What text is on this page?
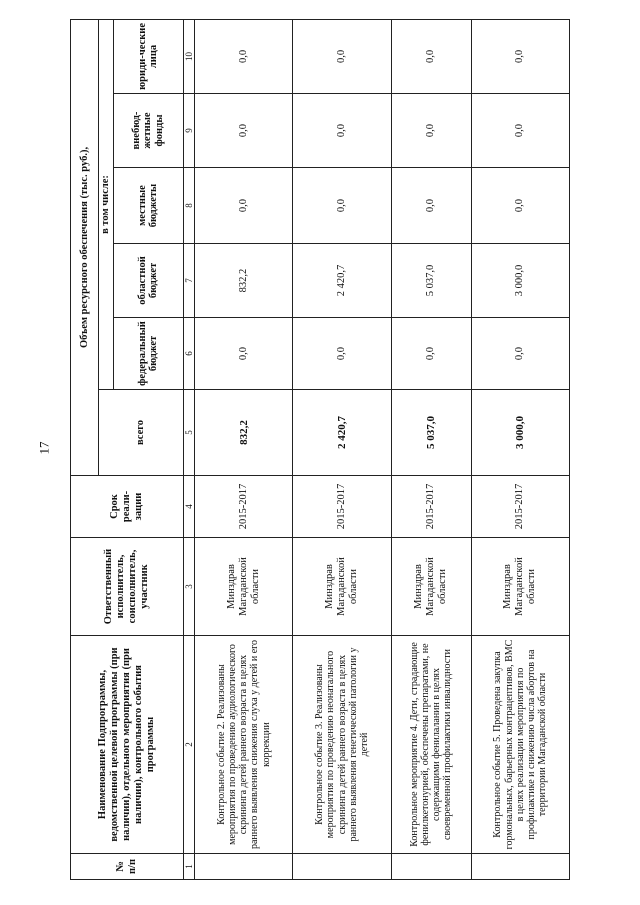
17
№ п/п	Наименование Подпрограммы, ведомственной целевой программы (при наличии), отдельного мероприятия (при наличии), контрольного события программы	Ответственный исполнитель, соисполнитель, участник	Срок реали-зации	Объем ресурсного обеспечения (тыс. руб.),					
				всего	в том числе:				
					федеральный бюджет	областной бюджет	местные бюджеты	внебюд-жетные фонды	юриди-ческие лица
1	2	3	4	5	6	7	8	9	10
	Контрольное событие 2. Реализованы мероприятия по проведению аудиологического скрининга детей раннего возраста в целях раннего выявления снижения слуха у детей и его коррекции	Минздрав Магаданской области	2015-2017	832,2	0,0	832,2	0,0	0,0	0,0
	Контрольное событие 3. Реализованы мероприятия по проведению неонатального скрининга детей раннего возраста в целях раннего выявления генетической патологии у детей	Минздрав Магаданской области	2015-2017	2 420,7	0,0	2 420,7	0,0	0,0	0,0
	Контрольное мероприятие 4. Дети, страдающие фенилкетонурией, обеспечены препаратами, не содержащими фенилаланин в целях своевременной профилактики инвалидности	Минздрав Магаданской области	2015-2017	5 037,0	0,0	5 037,0	0,0	0,0	0,0
	Контрольное событие 5. Проведена закупка гормональных, барьерных контрацептивов, ВМС в целях реализации мероприятия по профилактике и снижению числа абортов на территории Магаданской области	Минздрав Магаданской области	2015-2017	3 000,0	0,0	3 000,0	0,0	0,0	0,0
